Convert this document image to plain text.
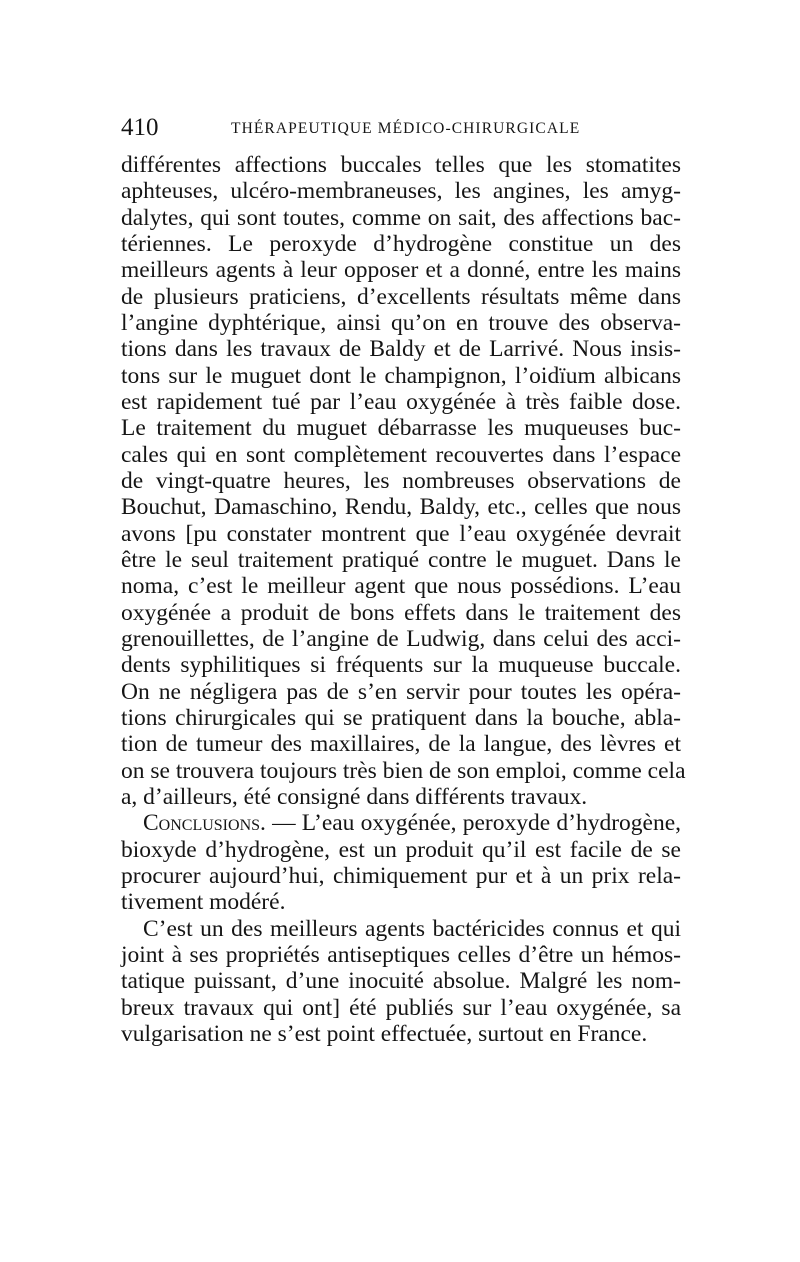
410	THÉRAPEUTIQUE MÉDICO-CHIRURGICALE
différentes affections buccales telles que les stomatites
aphteuses, ulcéro-membraneuses, les angines, les amyg-
dalytes, qui sont toutes, comme on sait, des affections bac-
tériennes. Le peroxyde d’hydrogène constitue un des
meilleurs agents à leur opposer et a donné, entre les mains
de plusieurs praticiens, d’excellents résultats même dans
l’angine dyphtérique, ainsi qu’on en trouve des observa-
tions dans les travaux de Baldy et de Larrivé. Nous insis-
tons sur le muguet dont le champignon, l’oidïum albicans
est rapidement tué par l’eau oxygénée à très faible dose.
Le traitement du muguet débarrasse les muqueuses buc-
cales qui en sont complètement recouvertes dans l’espace
de vingt-quatre heures, les nombreuses observations de
Bouchut, Damaschino, Rendu, Baldy, etc., celles que nous
avons [pu constater montrent que l’eau oxygénée devrait
être le seul traitement pratiqué contre le muguet. Dans le
noma, c’est le meilleur agent que nous possédions. L’eau
oxygénée a produit de bons effets dans le traitement des
grenouillettes, de l’angine de Ludwig, dans celui des acci-
dents syphilitiques si fréquents sur la muqueuse buccale.
On ne négligera pas de s’en servir pour toutes les opéra-
tions chirurgicales qui se pratiquent dans la bouche, abla-
tion de tumeur des maxillaires, de la langue, des lèvres et
on se trouvera toujours très bien de son emploi, comme cela
a, d’ailleurs, été consigné dans différents travaux.
Conclusions. — L’eau oxygénée, peroxyde d’hydrogène,
bioxyde d’hydrogène, est un produit qu’il est facile de se
procurer aujourd’hui, chimiquement pur et à un prix rela-
tivement modéré.
C’est un des meilleurs agents bactéricides connus et qui
joint à ses propriétés antiseptiques celles d’être un hémos-
tatique puissant, d’une inocuité absolue. Malgré les nom-
breux travaux qui ont] été publiés sur l’eau oxygénée, sa
vulgarisation ne s’est point effectuée, surtout en France.
